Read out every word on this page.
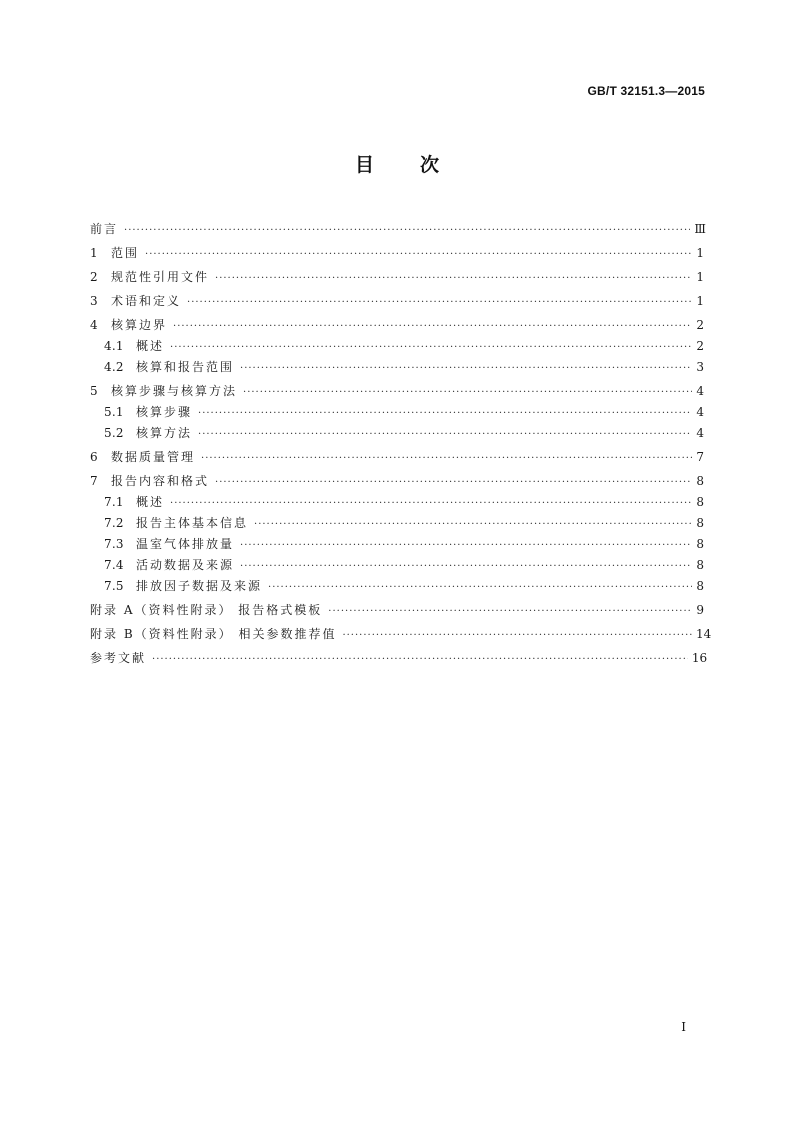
GB/T 32151.3—2015
目 次
前言 ·····	Ⅲ
1	范围 ·····	1
2	规范性引用文件 ·····	1
3	术语和定义 ·····	1
4	核算边界 ·····	2
4.1	概述 ·····	2
4.2	核算和报告范围 ·····	3
5	核算步骤与核算方法 ·····	4
5.1	核算步骤 ·····	4
5.2	核算方法 ·····	4
6	数据质量管理 ·····	7
7	报告内容和格式 ·····	8
7.1	概述 ·····	8
7.2	报告主体基本信息 ·····	8
7.3	温室气体排放量 ·····	8
7.4	活动数据及来源 ·····	8
7.5	排放因子数据及来源 ·····	8
附录 A（资料性附录） 报告格式模板 ·····	9
附录 B（资料性附录） 相关参数推荐值 ·····	14
参考文献 ·····	16
Ⅰ
